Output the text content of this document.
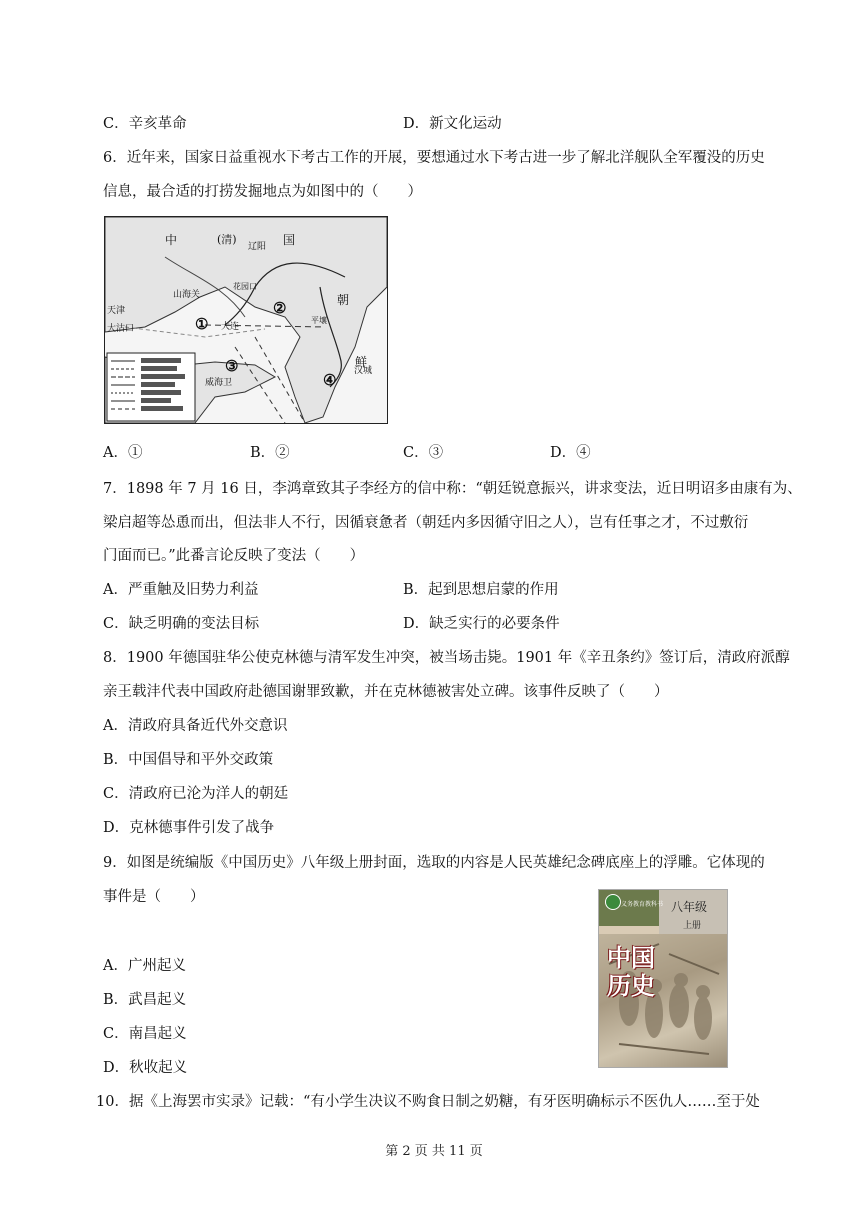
C．辛亥革命	D．新文化运动
6．近年来，国家日益重视水下考古工作的开展，要想通过水下考古进一步了解北洋舰队全军覆没的历史
信息，最合适的打捞发掘地点为如图中的（　　）
中	(清)	国
朝
鲜
辽阳
山海关
天津
大沽口	大连
威海卫
汉城
平壤
花园口
①
②
③
④
A．①	B．②	C．③	D．④
7．1898 年 7 月 16 日，李鸿章致其子李经方的信中称：“朝廷锐意振兴，讲求变法，近日明诏多由康有为、
梁启超等怂恿而出，但法非人不行，因循衰惫者（朝廷内多因循守旧之人），岂有任事之才，不过敷衍
门面而已。”此番言论反映了变法（　　）
A．严重触及旧势力利益	B．起到思想启蒙的作用
C．缺乏明确的变法目标	D．缺乏实行的必要条件
8．1900 年德国驻华公使克林德与清军发生冲突，被当场击毙。1901 年《辛丑条约》签订后，清政府派醇
亲王载沣代表中国政府赴德国谢罪致歉，并在克林德被害处立碑。该事件反映了（　　）
A．清政府具备近代外交意识
B．中国倡导和平外交政策
C．清政府已沦为洋人的朝廷
D．克林德事件引发了战争
9．如图是统编版《中国历史》八年级上册封面，选取的内容是人民英雄纪念碑底座上的浮雕。它体现的
事件是（　　）	义务教育教科书 八年级
上册
中国
历史
A．广州起义
B．武昌起义
C．南昌起义
D．秋收起义
10．据《上海罢市实录》记载：“有小学生决议不购食日制之奶糖，有牙医明确标示不医仇人……至于处
第 2 页 共 11 页
